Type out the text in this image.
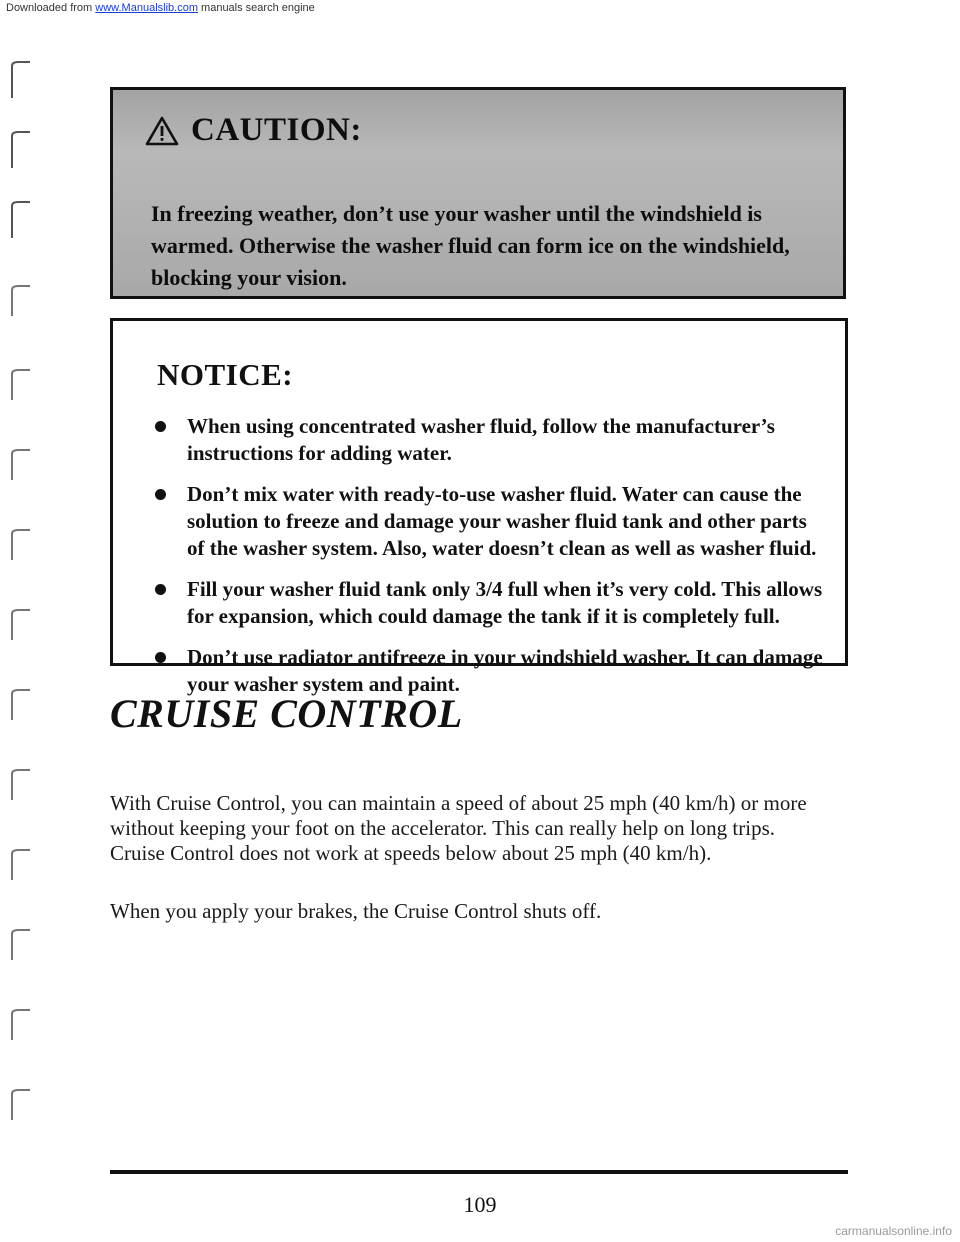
Downloaded from www.Manualslib.com manuals search engine
CAUTION:
In freezing weather, don’t use your washer until the windshield is warmed. Otherwise the washer fluid can form ice on the windshield, blocking your vision.
NOTICE:
When using concentrated washer fluid, follow the manufacturer’s instructions for adding water.
Don’t mix water with ready-to-use washer fluid. Water can cause the solution to freeze and damage your washer fluid tank and other parts of the washer system. Also, water doesn’t clean as well as washer fluid.
Fill your washer fluid tank only 3/4 full when it’s very cold. This allows for expansion, which could damage the tank if it is completely full.
Don’t use radiator antifreeze in your windshield washer. It can damage your washer system and paint.
CRUISE CONTROL

With Cruise Control, you can maintain a speed of about 25 mph (40 km/h) or more without keeping your foot on the accelerator. This can really help on long trips. Cruise Control does not work at speeds below about 25 mph (40 km/h).

When you apply your brakes, the Cruise Control shuts off.

109
carmanualsonline.info
